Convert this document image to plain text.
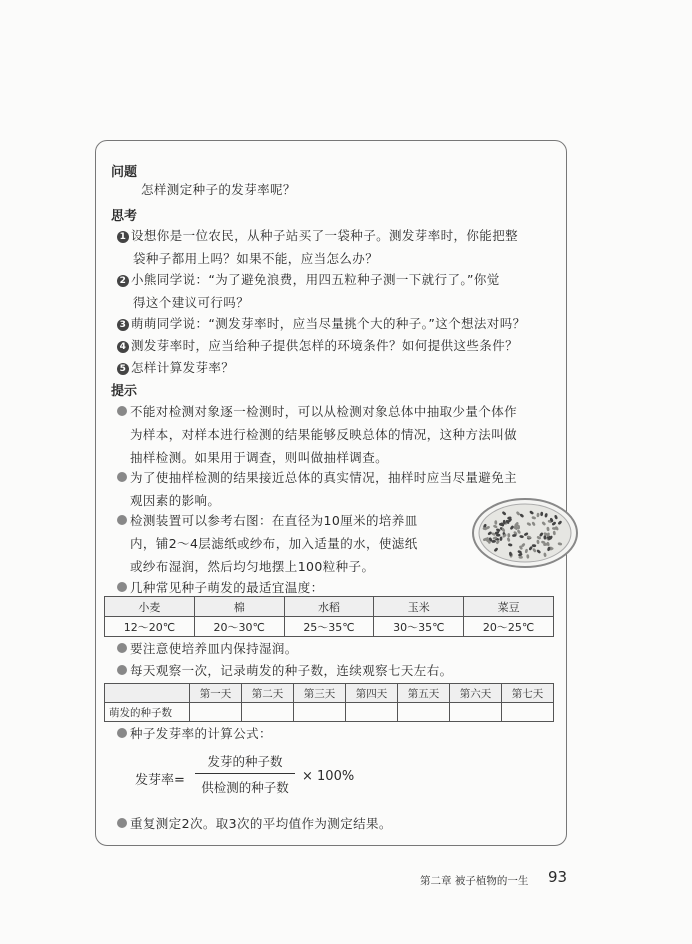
问题
怎样测定种子的发芽率呢？
思考
1 设想你是一位农民，从种子站买了一袋种子。测发芽率时，你能把整
袋种子都用上吗？如果不能，应当怎么办？
2 小熊同学说：“为了避免浪费，用四五粒种子测一下就行了。”你觉
得这个建议可行吗？
3 萌萌同学说：“测发芽率时，应当尽量挑个大的种子。”这个想法对吗？
4 测发芽率时，应当给种子提供怎样的环境条件？如何提供这些条件？
5 怎样计算发芽率？
提示
不能对检测对象逐一检测时，可以从检测对象总体中抽取少量个体作
为样本，对样本进行检测的结果能够反映总体的情况，这种方法叫做
抽样检测。如果用于调查，则叫做抽样调查。
为了使抽样检测的结果接近总体的真实情况，抽样时应当尽量避免主
观因素的影响。
检测装置可以参考右图：在直径为10厘米的培养皿
内，铺2～4层滤纸或纱布，加入适量的水，使滤纸
或纱布湿润，然后均匀地摆上100粒种子。
几种常见种子萌发的最适宜温度：
小麦	棉	水稻	玉米	菜豆
12～20℃	20～30℃	25～35℃	30～35℃	20～25℃
要注意使培养皿内保持湿润。
每天观察一次，记录萌发的种子数，连续观察七天左右。
	第一天	第二天	第三天	第四天	第五天	第六天	第七天
萌发的种子数							
种子发芽率的计算公式：
发芽率=
发芽的种子数
供检测的种子数
× 100%
重复测定2次。取3次的平均值作为测定结果。
第二章 被子植物的一生 93
